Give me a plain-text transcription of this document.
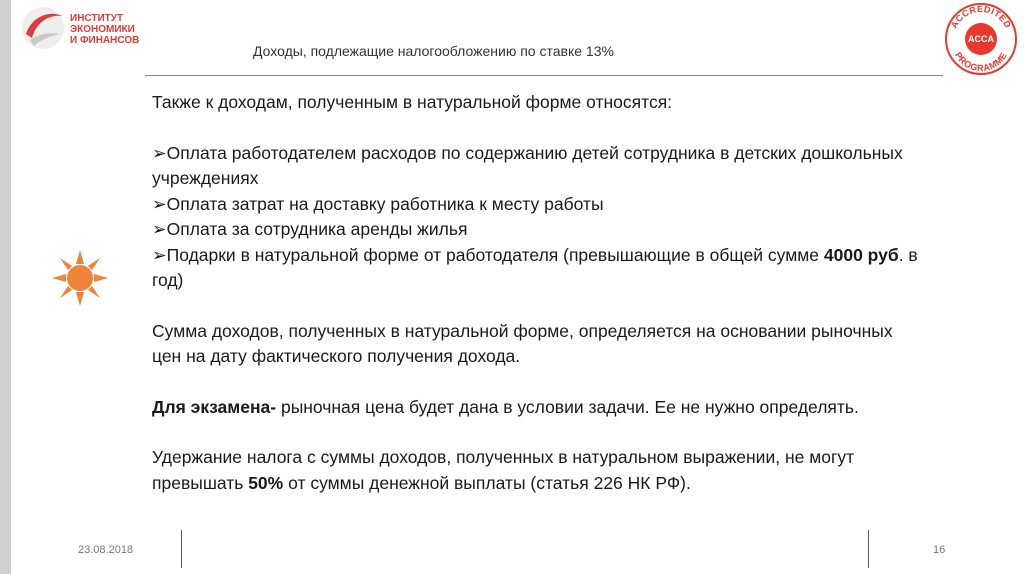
ИНСТИТУТ
ЭКОНОМИКИ
И ФИНАНСОВ
Доходы, подлежащие налогообложению по ставке 13%
ACCREDITED
PROGRAMME
ACCA

Также к доходам, полученным в натуральной форме относятся:

➢Оплата работодателем расходов по содержанию детей сотрудника в детских дошкольных учреждениях

➢Оплата затрат на доставку работника к месту работы

➢Оплата за сотрудника аренды жилья

➢Подарки в натуральной форме от работодателя (превышающие в общей сумме 4000 руб. в год)

Сумма доходов, полученных в натуральной форме, определяется на основании рыночных цен на дату фактического получения дохода.

Для экзамена- рыночная цена будет дана в условии задачи. Ее не нужно определять.

Удержание налога с суммы доходов, полученных в натуральном выражении, не могут превышать 50% от суммы денежной выплаты (статья 226 НК РФ).

23.08.2018	16
